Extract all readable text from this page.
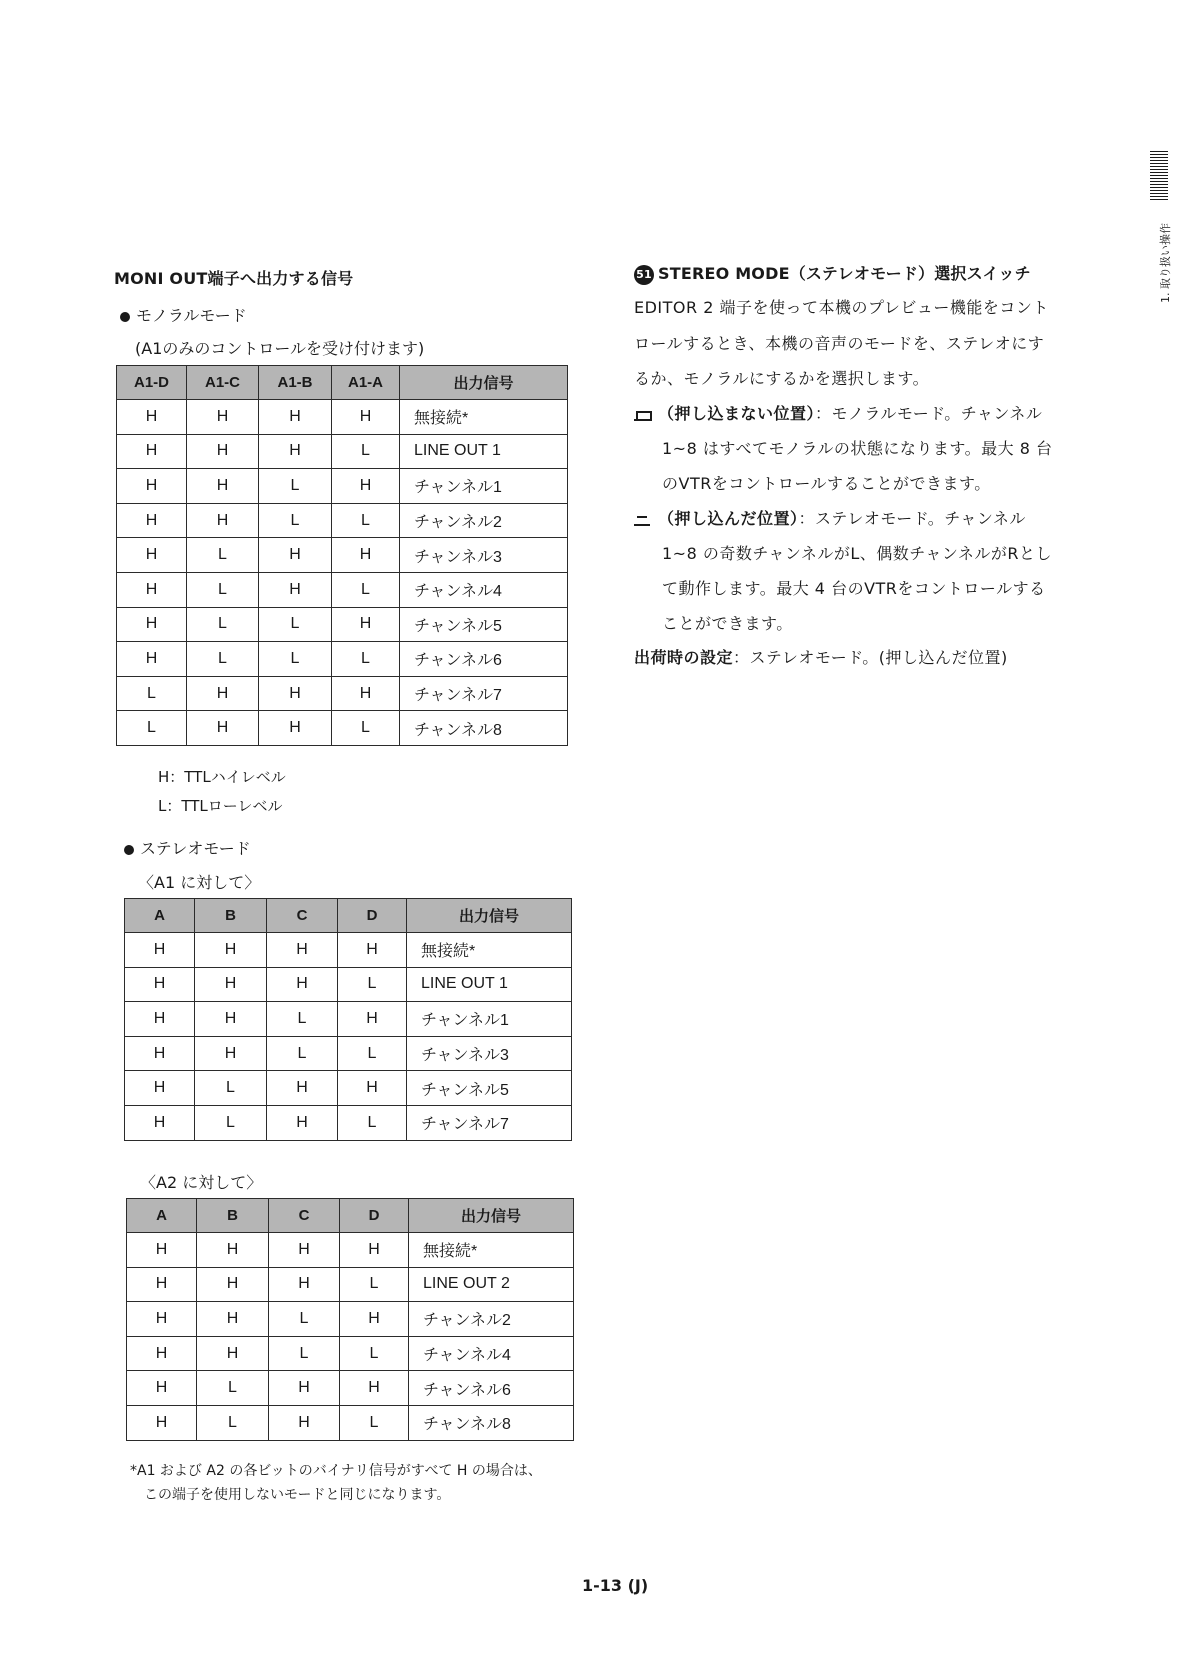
MONI OUT端子へ出力する信号
モノラルモード
(A1のみのコントロールを受け付けます)
A1-D	A1-C	A1-B	A1-A	出力信号
H	H	H	H	無接続*
H	H	H	L	LINE OUT 1
H	H	L	H	チャンネル1
H	H	L	L	チャンネル2
H	L	H	H	チャンネル3
H	L	H	L	チャンネル4
H	L	L	H	チャンネル5
H	L	L	L	チャンネル6
L	H	H	H	チャンネル7
L	H	H	L	チャンネル8
H：TTLハイレベル
L：TTLローレベル
ステレオモード
〈A1 に対して〉
A	B	C	D	出力信号
H	H	H	H	無接続*
H	H	H	L	LINE OUT 1
H	H	L	H	チャンネル1
H	H	L	L	チャンネル3
H	L	H	H	チャンネル5
H	L	H	L	チャンネル7
〈A2 に対して〉
A	B	C	D	出力信号
H	H	H	H	無接続*
H	H	H	L	LINE OUT 2
H	H	L	H	チャンネル2
H	H	L	L	チャンネル4
H	L	H	H	チャンネル6
H	L	H	L	チャンネル8
*A1 および A2 の各ビットのバイナリ信号がすべて H の場合は、
この端子を使用しないモードと同じになります。
51 STEREO MODE（ステレオモード）選択スイッチ
EDITOR 2 端子を使って本機のプレビュー機能をコント
ロールするとき、本機の音声のモードを、ステレオにす
るか、モノラルにするかを選択します。
（押し込まない位置）：モノラルモード。チャンネル
1~8 はすべてモノラルの状態になります。最大 8 台
のVTRをコントロールすることができます。
（押し込んだ位置）：ステレオモード。チャンネル
1~8 の奇数チャンネルがL、偶数チャンネルがRとし
て動作します。最大 4 台のVTRをコントロールする
ことができます。
出荷時の設定：ステレオモード。(押し込んだ位置)
1. 取り扱い操作
1-13 (J)
